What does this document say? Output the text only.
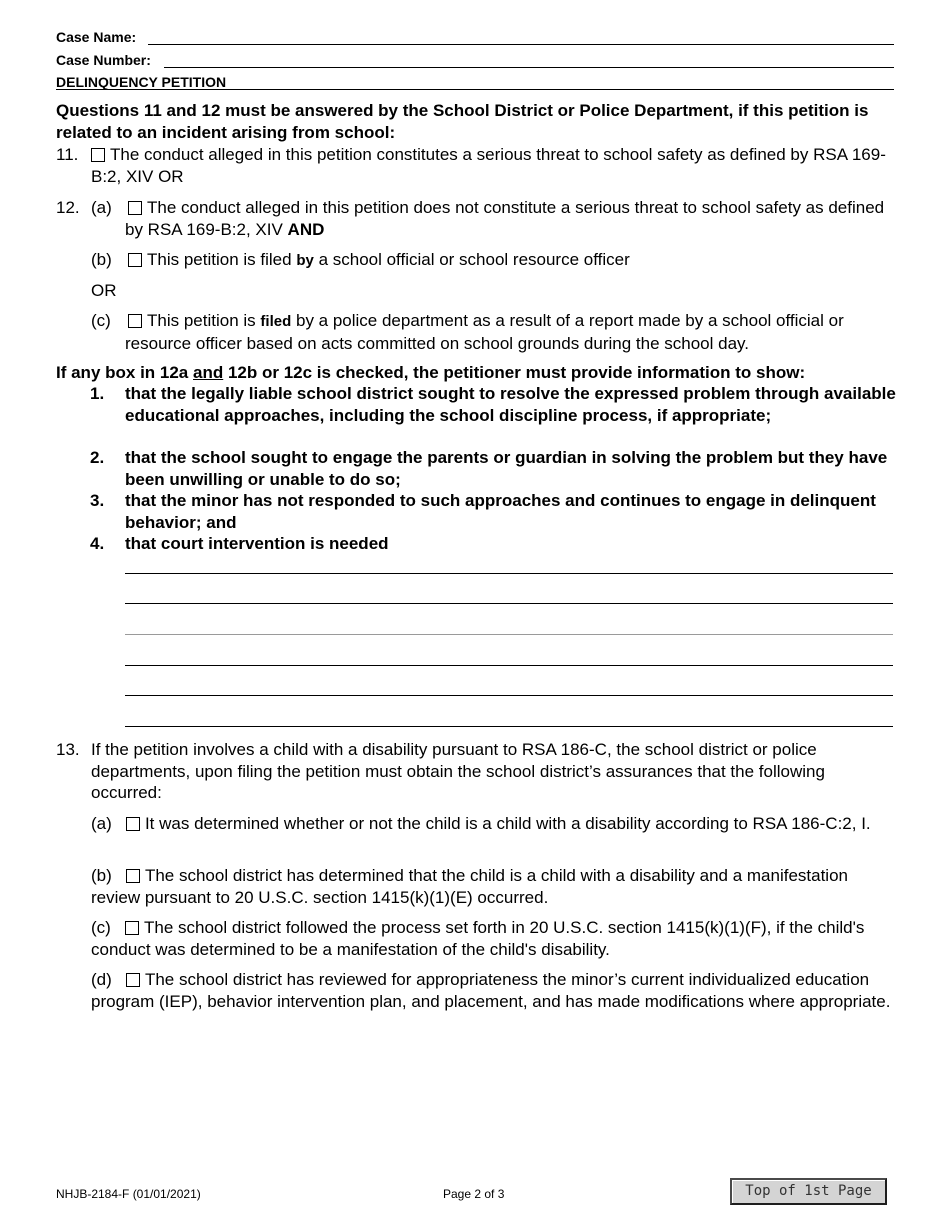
Case Name:
Case Number:
DELINQUENCY PETITION
Questions 11 and 12 must be answered by the School District or Police Department, if this petition is related to an incident arising from school:
11.	The conduct alleged in this petition constitutes a serious threat to school safety as defined by RSA 169-B:2, XIV OR
12. (a)	The conduct alleged in this petition does not constitute a serious threat to school safety as defined by RSA 169-B:2, XIV AND
(b)	This petition is filed by a school official or school resource officer
OR
(c)	This petition is filed by a police department as a result of a report made by a school official or resource officer based on acts committed on school grounds during the school day.
If any box in 12a and 12b or 12c is checked, the petitioner must provide information to show:
1. that the legally liable school district sought to resolve the expressed problem through available educational approaches, including the school discipline process, if appropriate;
2. that the school sought to engage the parents or guardian in solving the problem but they have been unwilling or unable to do so;
3. that the minor has not responded to such approaches and continues to engage in delinquent behavior; and
4. that court intervention is needed
13. If the petition involves a child with a disability pursuant to RSA 186-C, the school district or police departments, upon filing the petition must obtain the school district’s assurances that the following occurred:
(a) It was determined whether or not the child is a child with a disability according to RSA 186-C:2, I.
(b) The school district has determined that the child is a child with a disability and a manifestation review pursuant to 20 U.S.C. section 1415(k)(1)(E) occurred.
(c) The school district followed the process set forth in 20 U.S.C. section 1415(k)(1)(F), if the child's conduct was determined to be a manifestation of the child's disability.
(d) The school district has reviewed for appropriateness the minor’s current individualized education program (IEP), behavior intervention plan, and placement, and has made modifications where appropriate.
NHJB-2184-F (01/01/2021)	Page 2 of 3	Top of 1st Page
